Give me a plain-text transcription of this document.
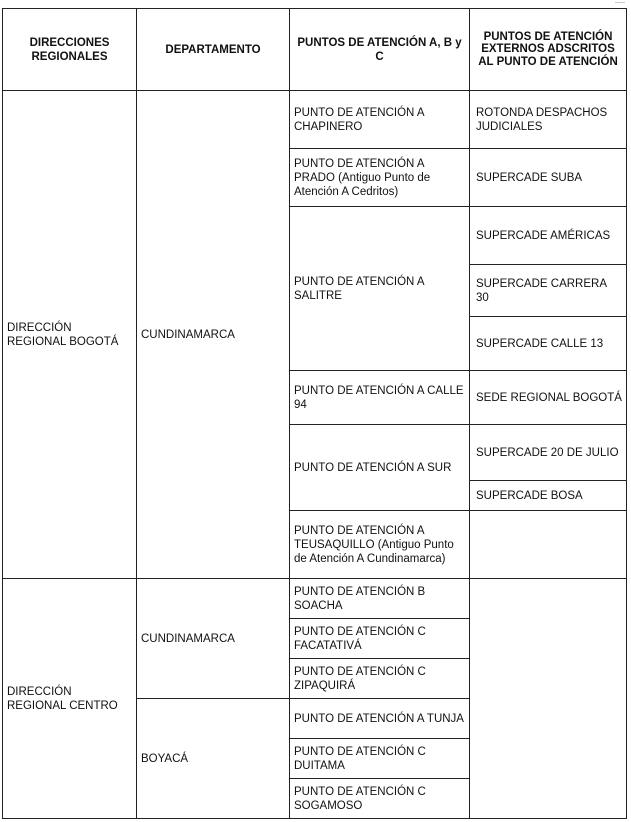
-----
DIRECCIONES REGIONALES	DEPARTAMENTO	PUNTOS DE ATENCIÓN A, B y C	PUNTOS DE ATENCIÓN EXTERNOS ADSCRITOS AL PUNTO DE ATENCIÓN
DIRECCIÓN REGIONAL BOGOTÁ	CUNDINAMARCA	PUNTO DE ATENCIÓN A CHAPINERO	ROTONDA DESPACHOS JUDICIALES
		PUNTO DE ATENCIÓN A PRADO (Antiguo Punto de Atención A Cedritos)	SUPERCADE SUBA
		PUNTO DE ATENCIÓN A SALITRE	SUPERCADE AMÉRICAS
			SUPERCADE CARRERA 30
			SUPERCADE CALLE 13
		PUNTO DE ATENCIÓN A CALLE 94	SEDE REGIONAL BOGOTÁ
		PUNTO DE ATENCIÓN A SUR	SUPERCADE 20 DE JULIO
			SUPERCADE BOSA
		PUNTO DE ATENCIÓN A TEUSAQUILLO (Antiguo Punto de Atención A Cundinamarca)	
DIRECCIÓN REGIONAL CENTRO	CUNDINAMARCA	PUNTO DE ATENCIÓN B SOACHA	
		PUNTO DE ATENCIÓN C FACATATIVÁ	
		PUNTO DE ATENCIÓN C ZIPAQUIRÁ	
	BOYACÁ	PUNTO DE ATENCIÓN A TUNJA	
		PUNTO DE ATENCIÓN C DUITAMA	
		PUNTO DE ATENCIÓN C SOGAMOSO	
